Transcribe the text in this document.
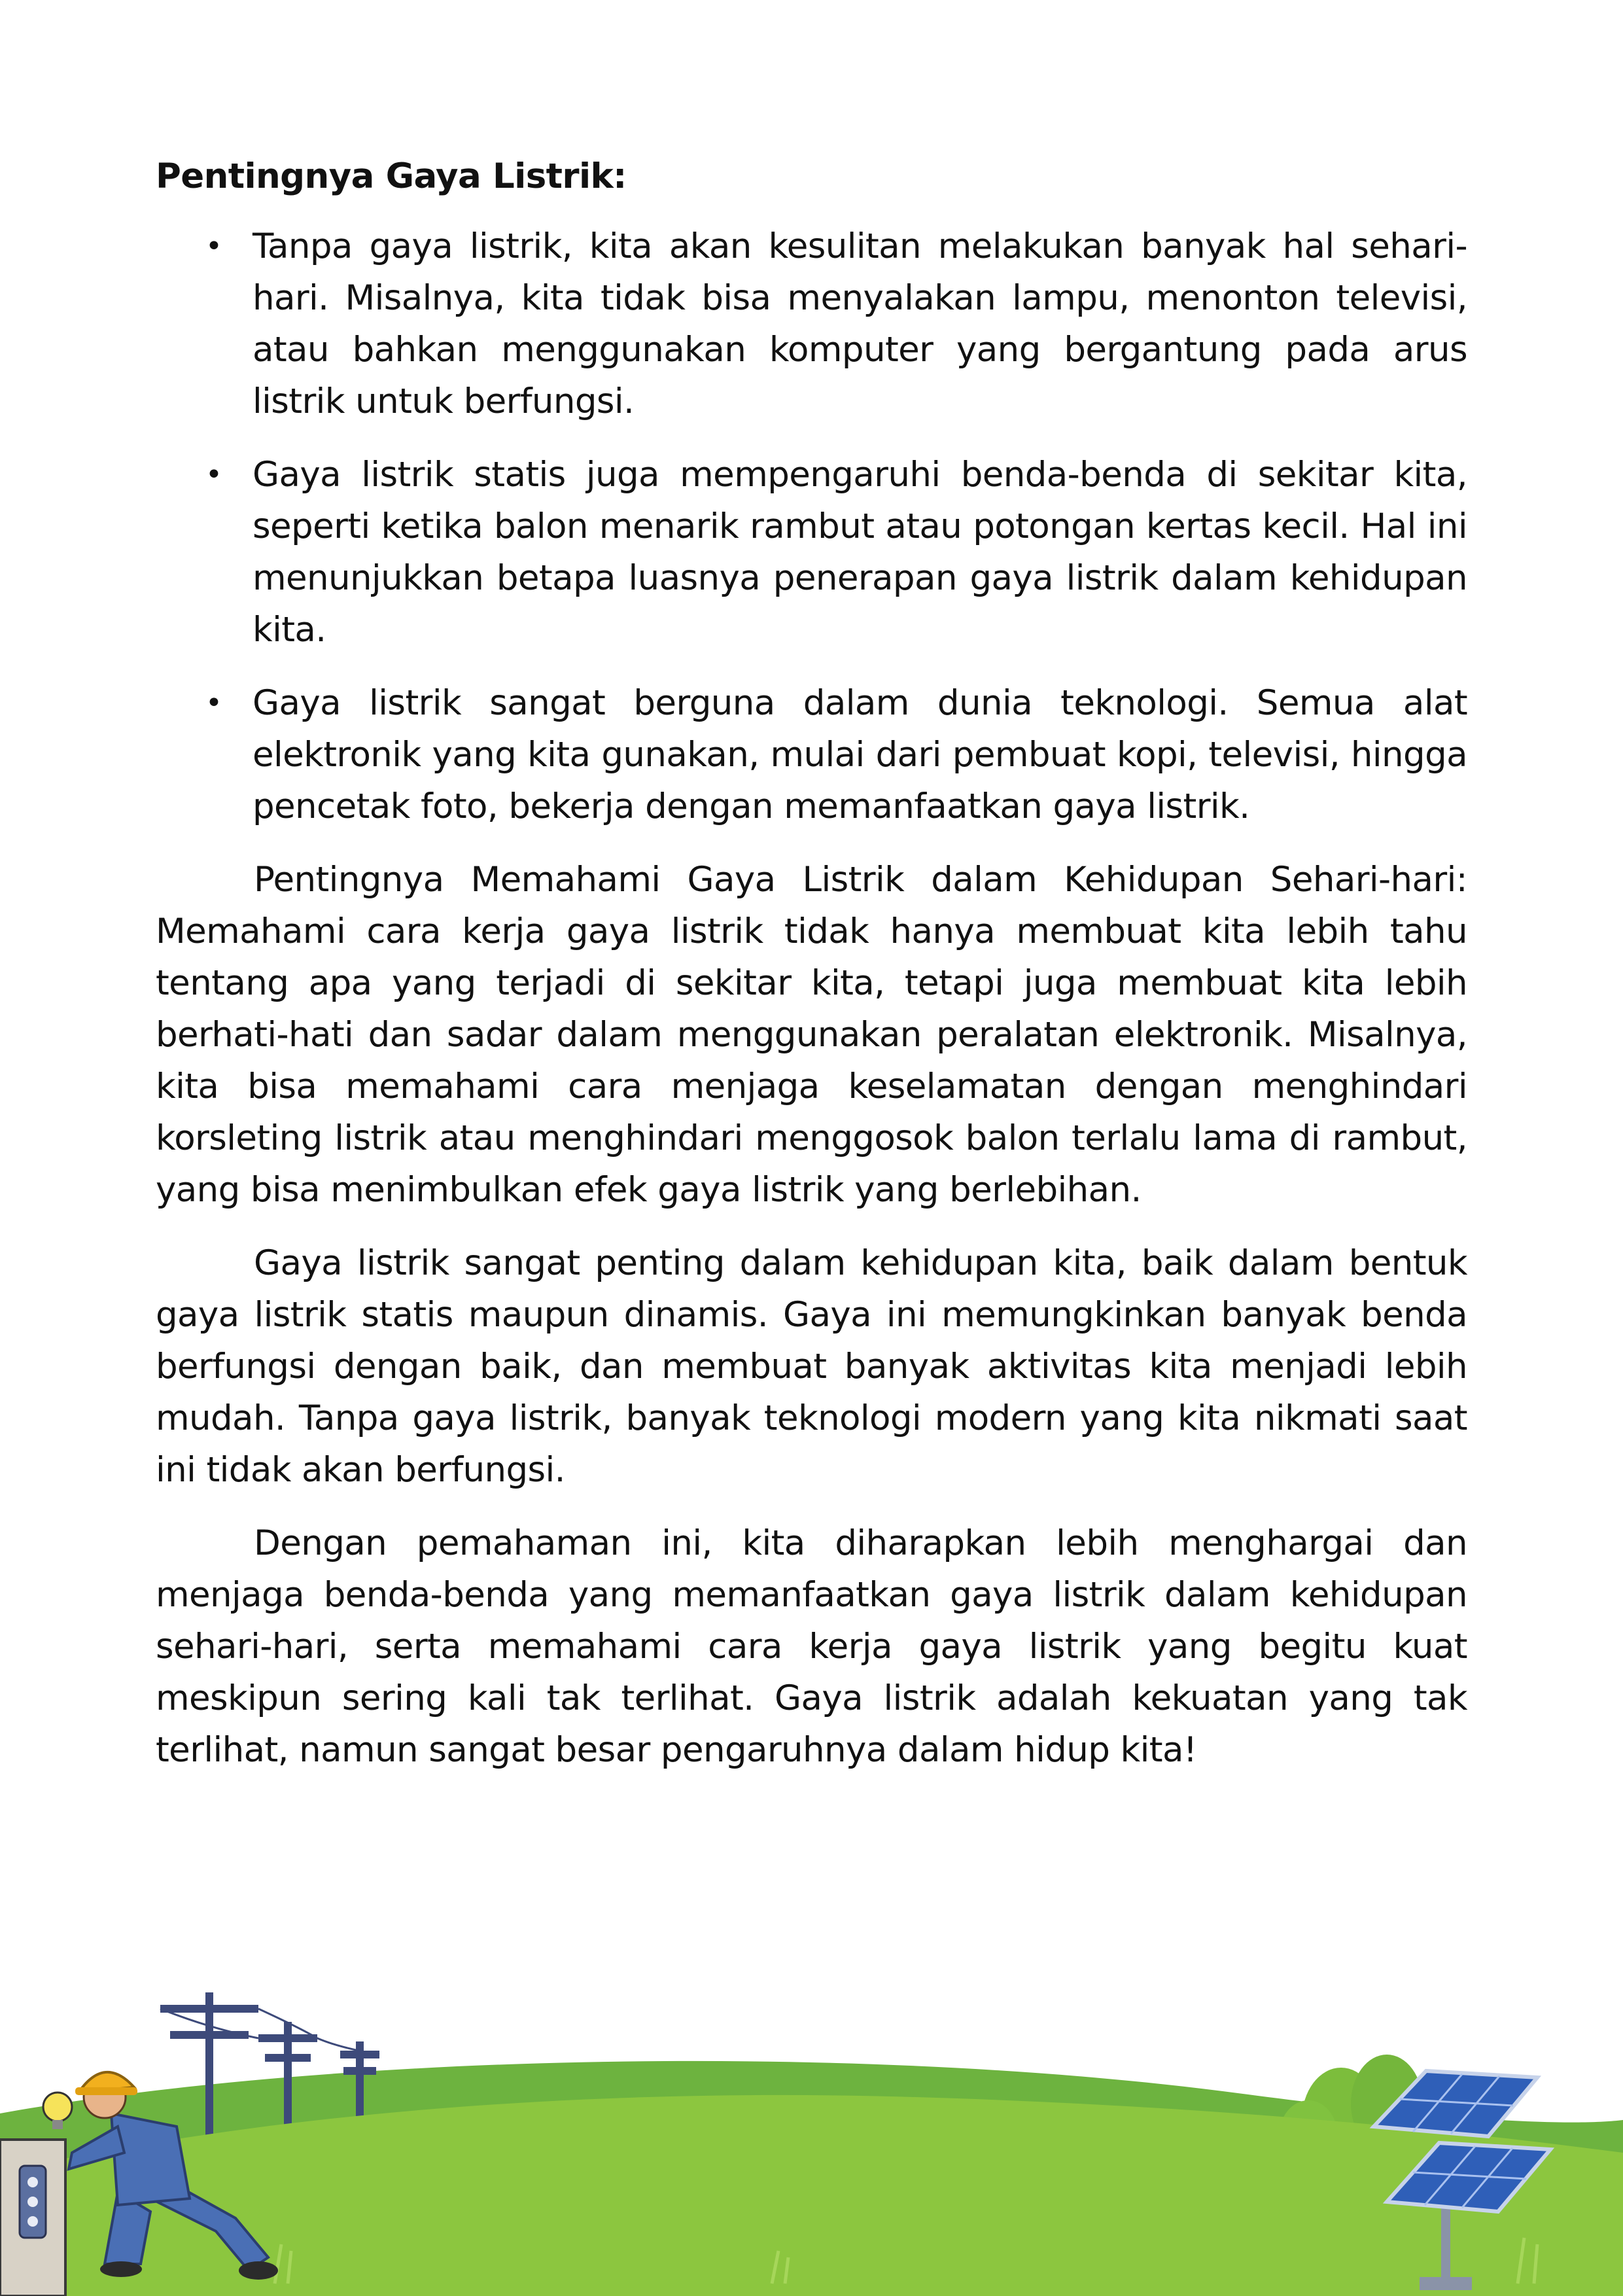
Pentingnya Gaya Listrik:

• Tanpa gaya listrik, kita akan kesulitan melakukan banyak hal sehari-hari. Misalnya, kita tidak bisa menyalakan lampu, menonton televisi, atau bahkan menggunakan komputer yang bergantung pada arus listrik untuk berfungsi.
• Gaya listrik statis juga mempengaruhi benda-benda di sekitar kita, seperti ketika balon menarik rambut atau potongan kertas kecil. Hal ini menunjukkan betapa luasnya penerapan gaya listrik dalam kehidupan kita.
• Gaya listrik sangat berguna dalam dunia teknologi. Semua alat elektronik yang kita gunakan, mulai dari pembuat kopi, televisi, hingga pencetak foto, bekerja dengan memanfaatkan gaya listrik.

Pentingnya Memahami Gaya Listrik dalam Kehidupan Sehari-hari: Memahami cara kerja gaya listrik tidak hanya membuat kita lebih tahu tentang apa yang terjadi di sekitar kita, tetapi juga membuat kita lebih berhati-hati dan sadar dalam menggunakan peralatan elektronik. Misalnya, kita bisa memahami cara menjaga keselamatan dengan menghindari korsleting listrik atau menghindari menggosok balon terlalu lama di rambut, yang bisa menimbulkan efek gaya listrik yang berlebihan.

Gaya listrik sangat penting dalam kehidupan kita, baik dalam bentuk gaya listrik statis maupun dinamis. Gaya ini memungkinkan banyak benda berfungsi dengan baik, dan membuat banyak aktivitas kita menjadi lebih mudah. Tanpa gaya listrik, banyak teknologi modern yang kita nikmati saat ini tidak akan berfungsi.

Dengan pemahaman ini, kita diharapkan lebih menghargai dan menjaga benda-benda yang memanfaatkan gaya listrik dalam kehidupan sehari-hari, serta memahami cara kerja gaya listrik yang begitu kuat meskipun sering kali tak terlihat. Gaya listrik adalah kekuatan yang tak terlihat, namun sangat besar pengaruhnya dalam hidup kita!
